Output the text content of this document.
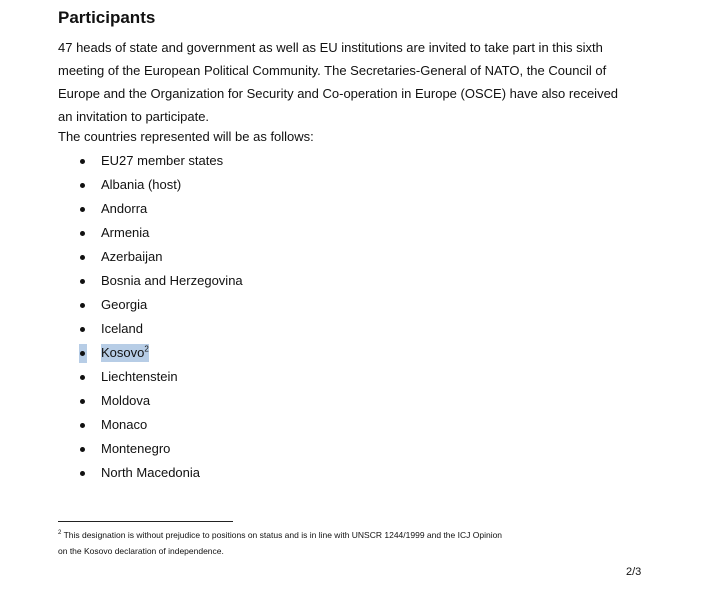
Participants
47 heads of state and government as well as EU institutions are invited to take part in this sixth
meeting of the European Political Community. The Secretaries-General of NATO, the Council of
Europe and the Organization for Security and Co-operation in Europe (OSCE) have also received
an invitation to participate.
The countries represented will be as follows:
EU27 member states
Albania (host)
Andorra
Armenia
Azerbaijan
Bosnia and Herzegovina
Georgia
Iceland
Kosovo$^2$
Liechtenstein
Moldova
Monaco
Montenegro
North Macedonia
$^2$ This designation is without prejudice to positions on status and is in line with UNSCR 1244/1999 and the ICJ Opinion
on the Kosovo declaration of independence.
2/3
